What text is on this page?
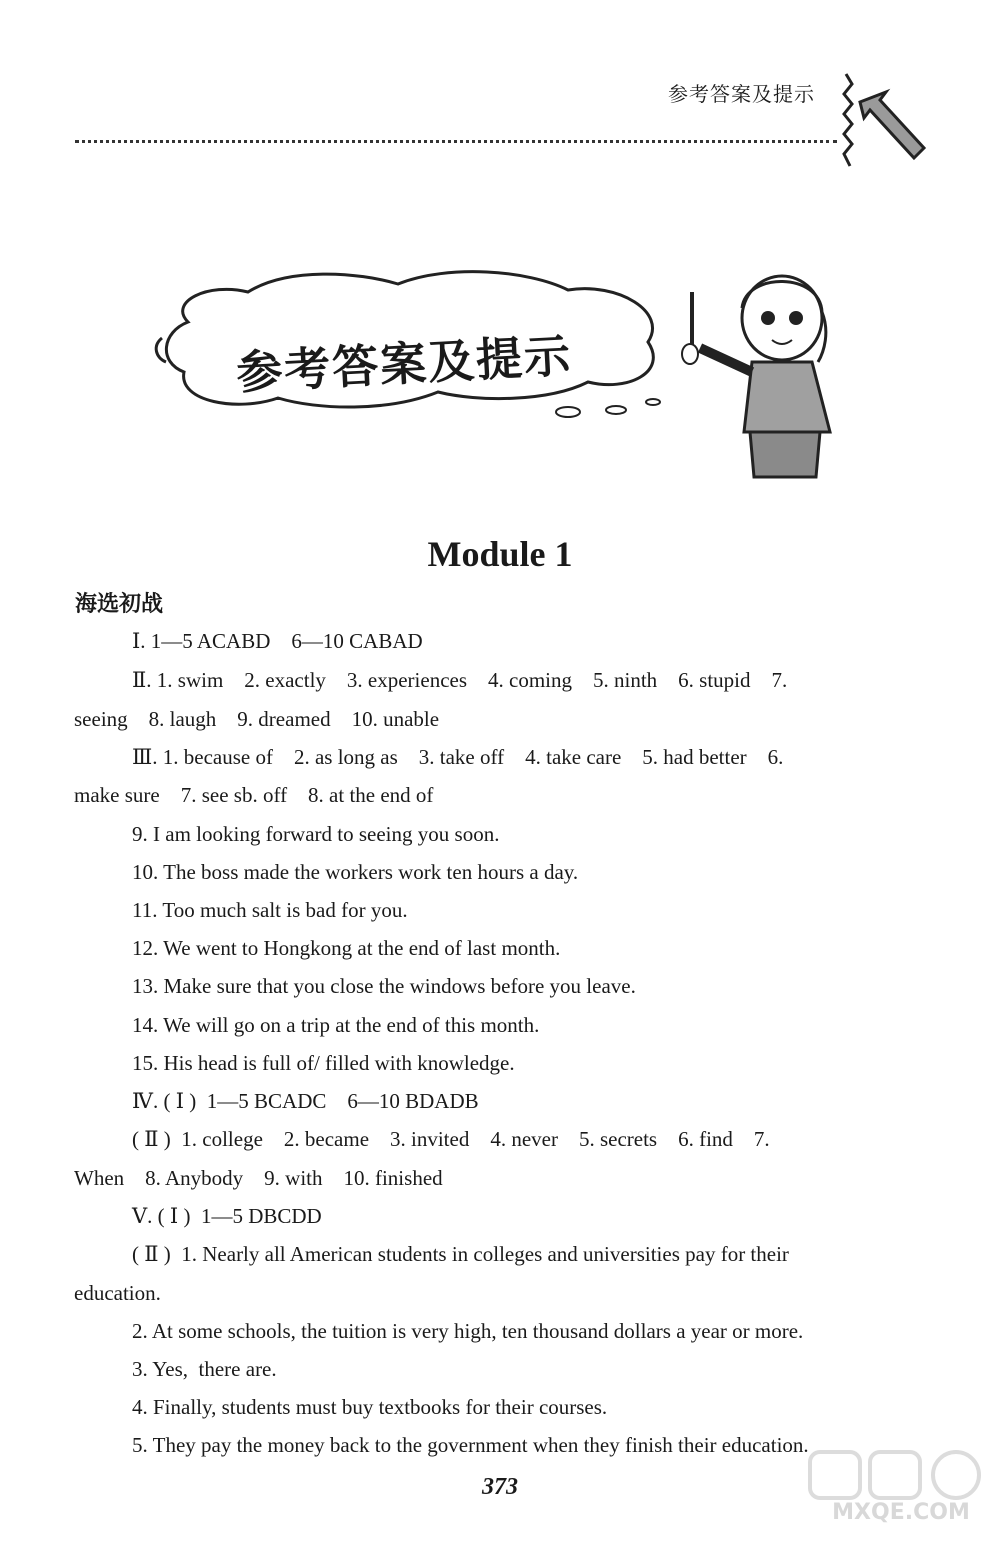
参考答案及提示
参考答案及提示
Module 1
海选初战
Ⅰ. 1—5 ACABD    6—10 CABAD
Ⅱ. 1. swim    2. exactly    3. experiences    4. coming    5. ninth    6. stupid    7.
seeing    8. laugh    9. dreamed    10. unable
Ⅲ. 1. because of    2. as long as    3. take off    4. take care    5. had better    6.
make sure    7. see sb. off    8. at the end of
9. I am looking forward to seeing you soon.
10. The boss made the workers work ten hours a day.
11. Too much salt is bad for you.
12. We went to Hongkong at the end of last month.
13. Make sure that you close the windows before you leave.
14. We will go on a trip at the end of this month.
15. His head is full of/ filled with knowledge.
Ⅳ. ( Ⅰ )  1—5 BCADC    6—10 BDADB
( Ⅱ )  1. college    2. became    3. invited    4. never    5. secrets    6. find    7.
When    8. Anybody    9. with    10. finished
Ⅴ. ( Ⅰ )  1—5 DBCDD
( Ⅱ )  1. Nearly all American students in colleges and universities pay for their
education.
2. At some schools, the tuition is very high, ten thousand dollars a year or more.
3. Yes,  there are.
4. Finally, students must buy textbooks for their courses.
5. They pay the money back to the government when they finish their education.
373
MXQE.COM
